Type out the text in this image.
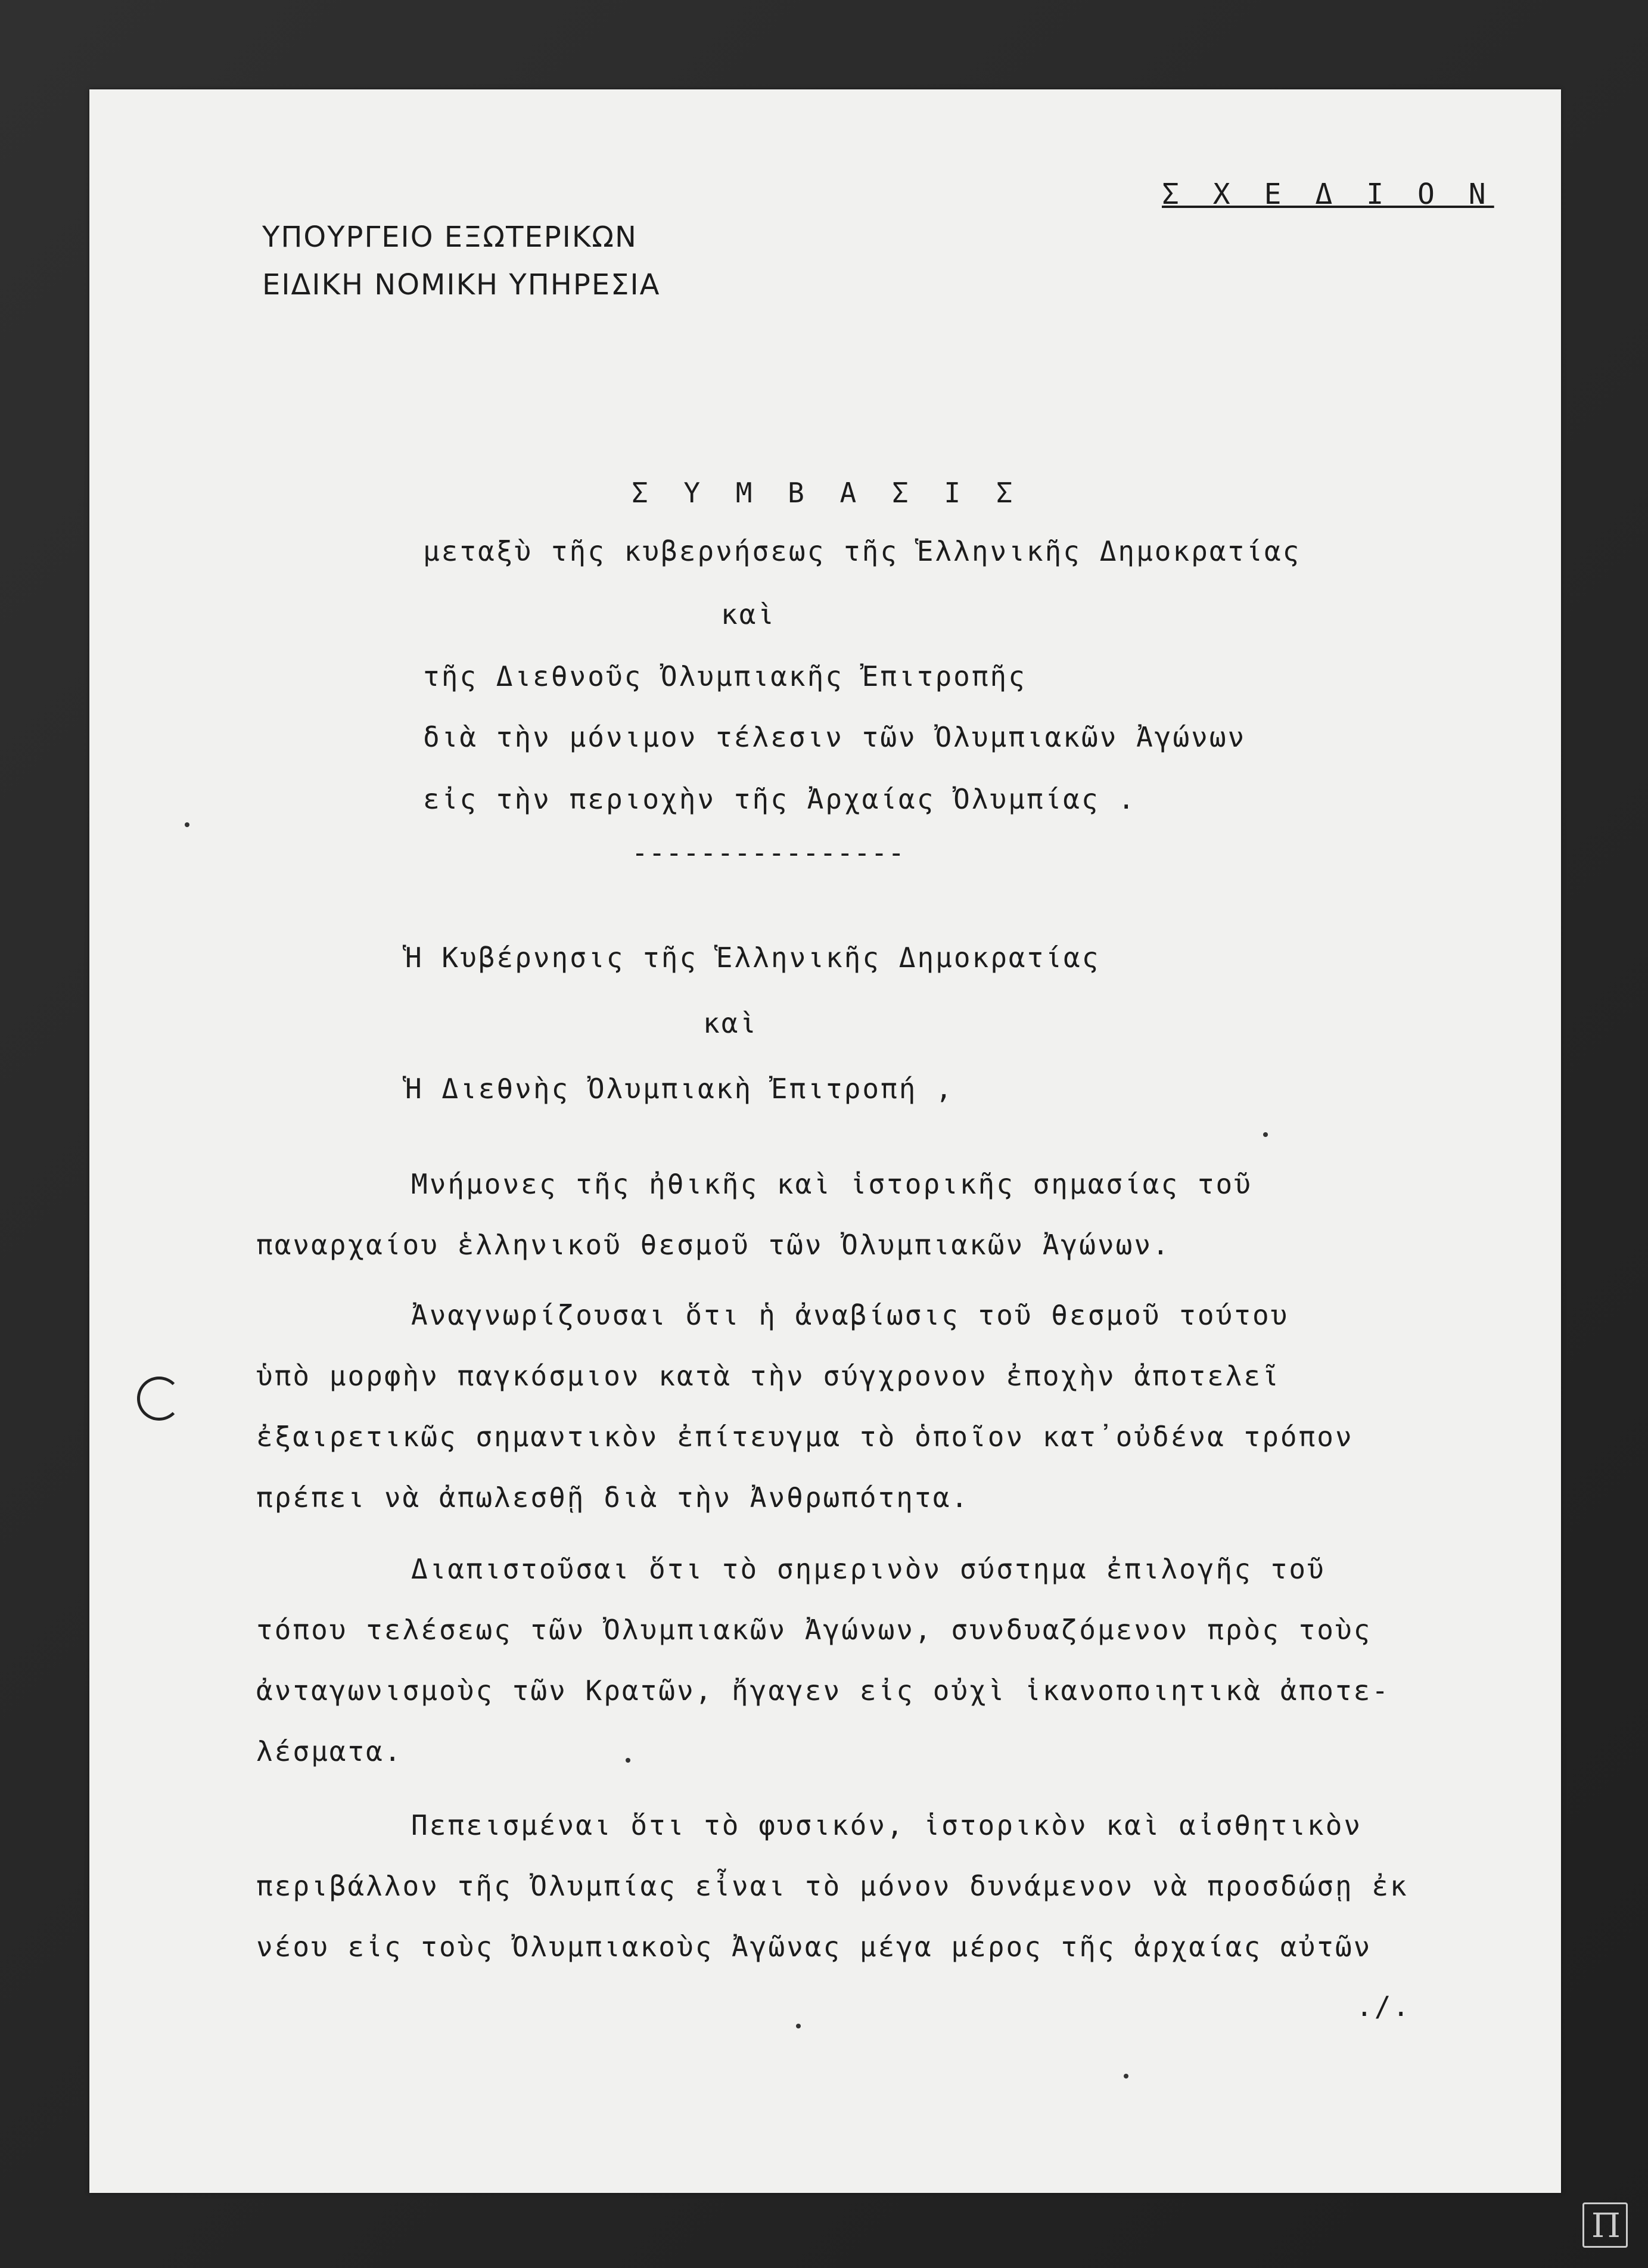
Σ Χ Ε Δ Ι Ο Ν
ΥΠΟΥΡΓΕΙΟ ΕΞΩΤΕΡΙΚΩΝ
ΕΙΔΙΚΗ ΝΟΜΙΚΗ ΥΠΗΡΕΣΙΑ
Σ Υ Μ Β Α Σ Ι Σ
μεταξὺ τῆς κυβερνήσεως τῆς Ἑλληνικῆς Δημοκρατίας
καὶ
τῆς Διεθνοῦς Ὀλυμπιακῆς Ἐπιτροπῆς
διὰ τὴν μόνιμον τέλεσιν τῶν Ὀλυμπιακῶν Ἀγώνων
εἰς τὴν περιοχὴν τῆς Ἀρχαίας Ὀλυμπίας .
----------------
Ἡ Κυβέρνησις τῆς Ἑλληνικῆς Δημοκρατίας
καὶ
Ἡ Διεθνὴς Ὀλυμπιακὴ Ἐπιτροπή ,
Μνήμονες τῆς ἠθικῆς καὶ ἱστορικῆς σημασίας τοῦ
παναρχαίου ἑλληνικοῦ θεσμοῦ τῶν Ὀλυμπιακῶν Ἀγώνων.
Ἀναγνωρίζουσαι ὅτι ἡ ἀναβίωσις τοῦ θεσμοῦ τούτου
ὑπὸ μορφὴν παγκόσμιον κατὰ τὴν σύγχρονον ἐποχὴν ἀποτελεῖ
ἐξαιρετικῶς σημαντικὸν ἐπίτευγμα τὸ ὁποῖον κατ᾽οὐδένα τρόπον
πρέπει νὰ ἀπωλεσθῇ διὰ τὴν Ἀνθρωπότητα.
Διαπιστοῦσαι ὅτι τὸ σημερινὸν σύστημα ἐπιλογῆς τοῦ
τόπου τελέσεως τῶν Ὀλυμπιακῶν Ἀγώνων, συνδυαζόμενον πρὸς τοὺς
ἀνταγωνισμοὺς τῶν Κρατῶν, ἤγαγεν εἰς οὐχὶ ἱκανοποιητικὰ ἀποτε-
λέσματα.
Πεπεισμέναι ὅτι τὸ φυσικόν, ἱστορικὸν καὶ αἰσθητικὸν
περιβάλλον τῆς Ὀλυμπίας εἶναι τὸ μόνον δυνάμενον νὰ προσδώσῃ ἐκ
νέου εἰς τοὺς Ὀλυμπιακοὺς Ἀγῶνας μέγα μέρος τῆς ἀρχαίας αὐτῶν
./.
Π
